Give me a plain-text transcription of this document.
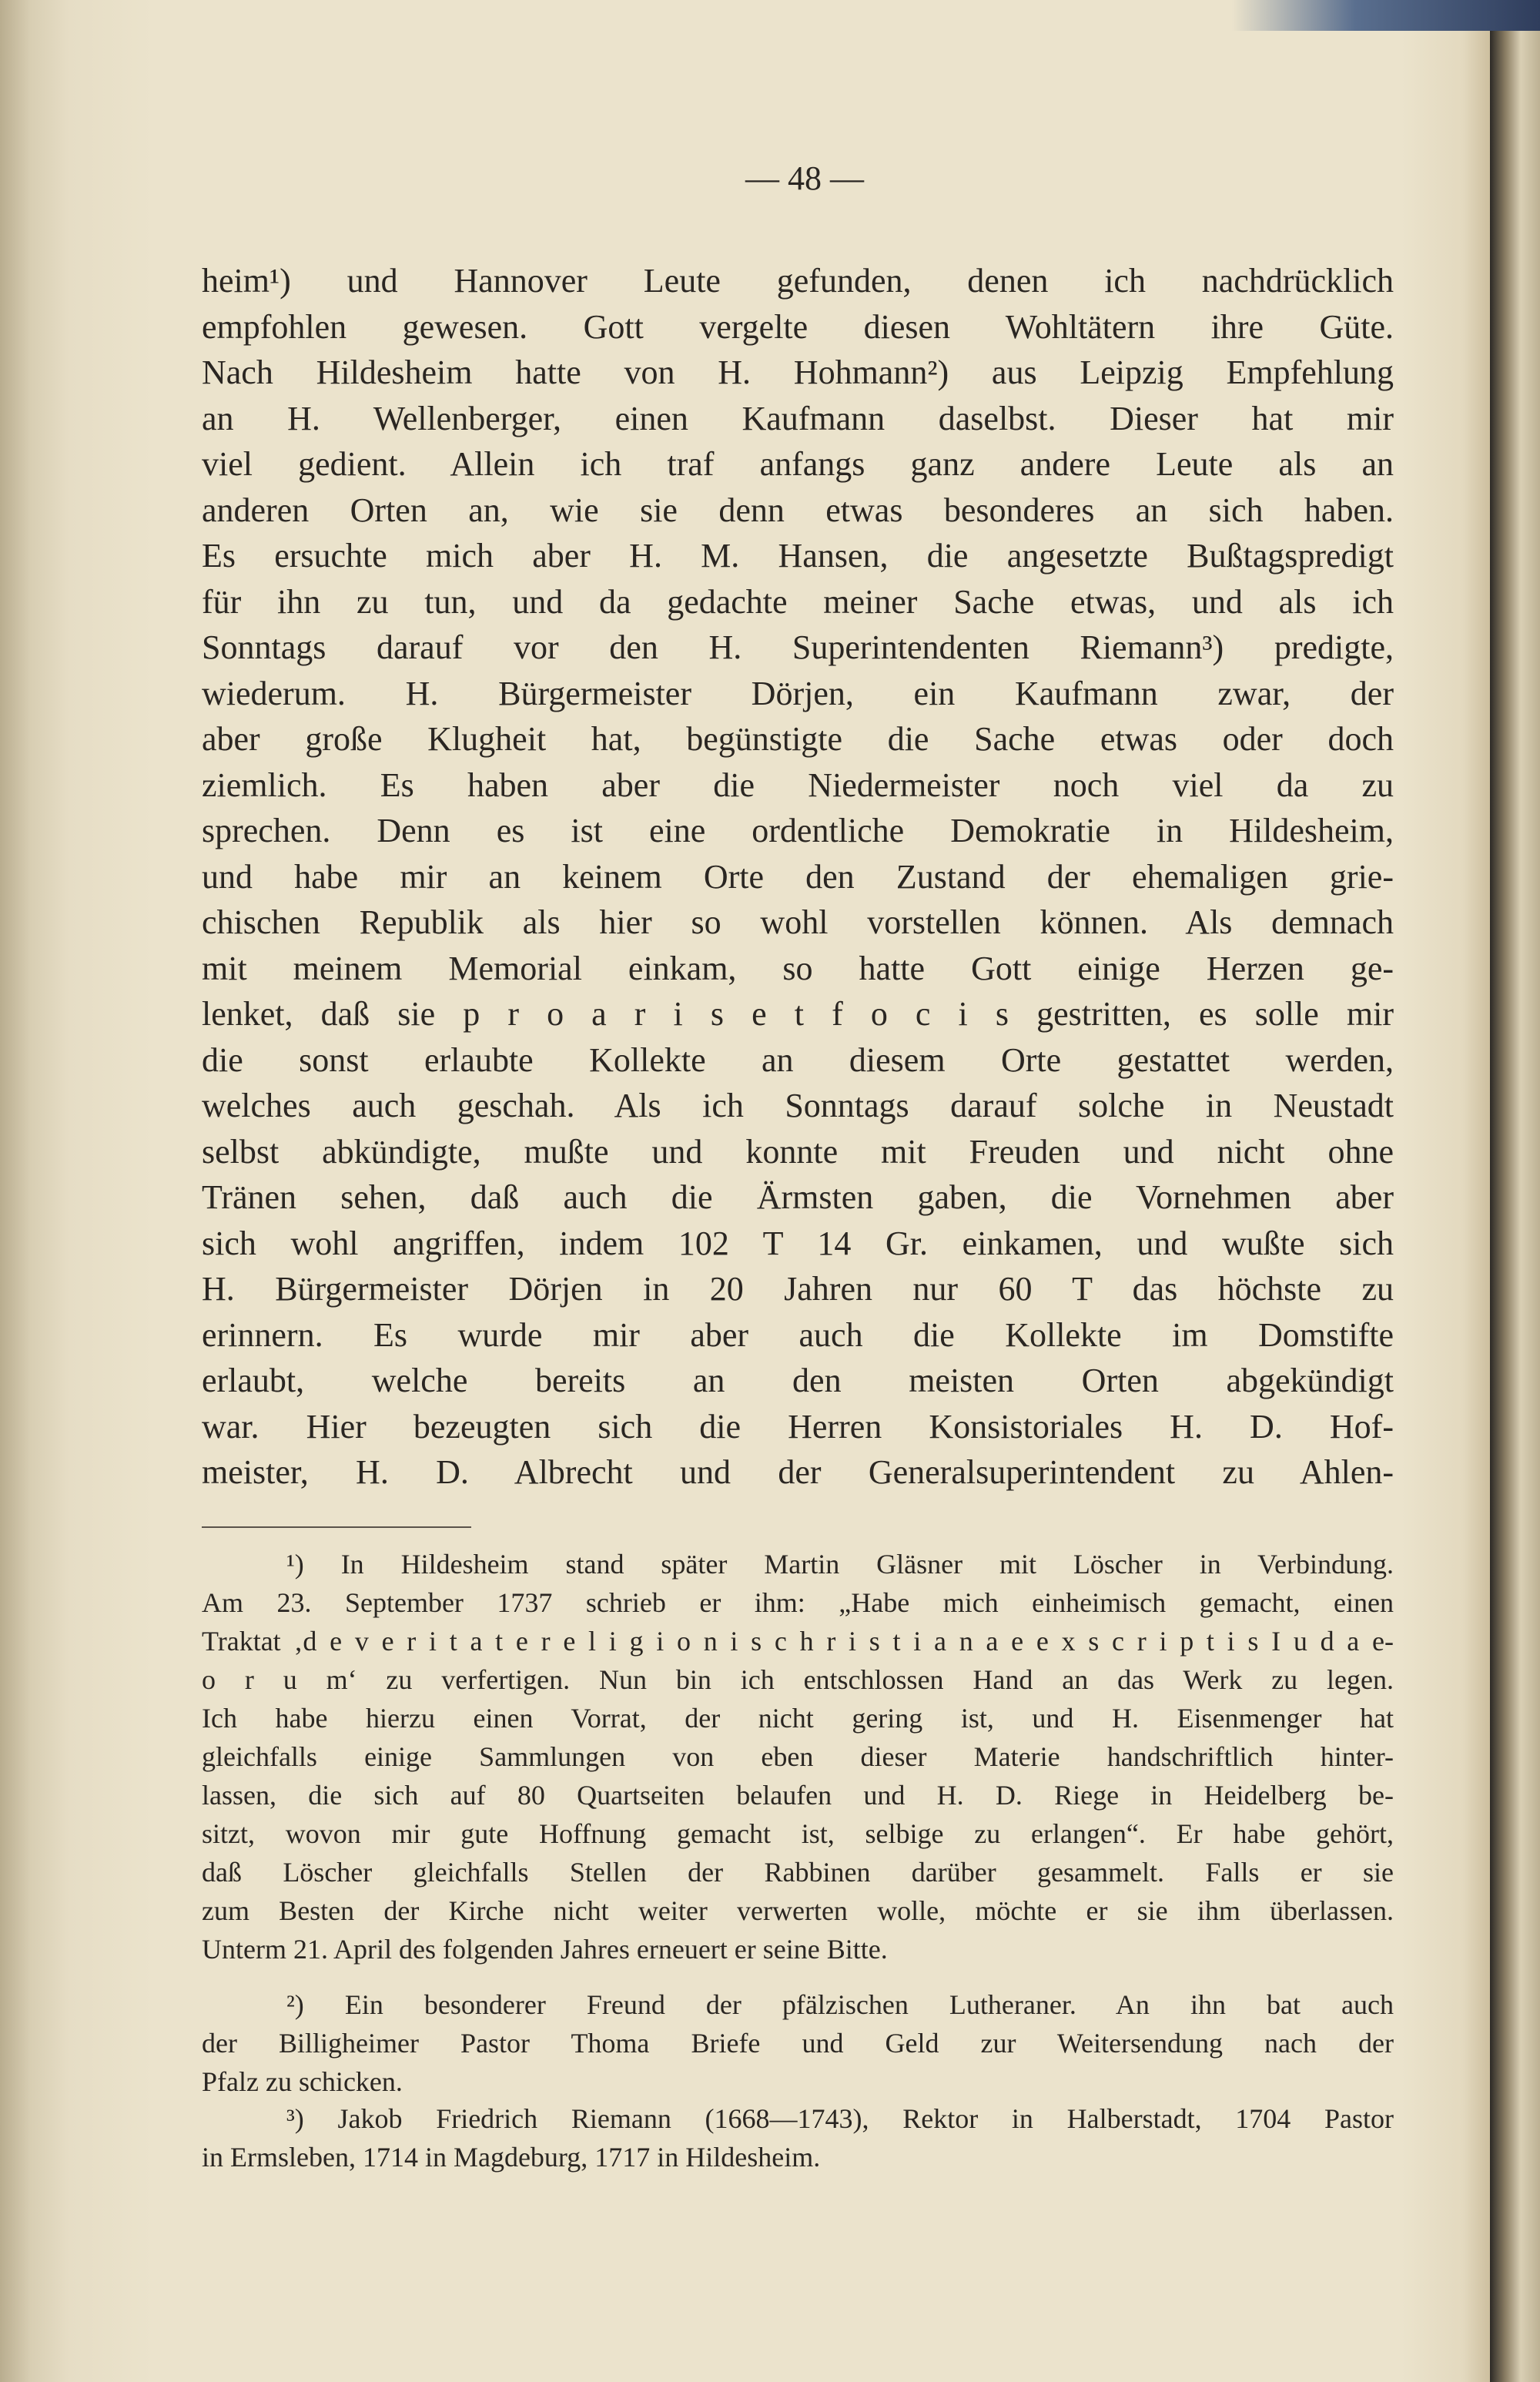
— 48 —
heim¹) und Hannover Leute gefunden, denen ich nachdrücklich
empfohlen gewesen. Gott vergelte diesen Wohltätern ihre Güte.
Nach Hildesheim hatte von H. Hohmann²) aus Leipzig Empfehlung
an H. Wellenberger, einen Kaufmann daselbst. Dieser hat mir
viel gedient. Allein ich traf anfangs ganz andere Leute als an
anderen Orten an, wie sie denn etwas besonderes an sich haben.
Es ersuchte mich aber H. M. Hansen, die angesetzte Bußtagspredigt
für ihn zu tun, und da gedachte meiner Sache etwas, und als ich
Sonntags darauf vor den H. Superintendenten Riemann³) predigte,
wiederum. H. Bürgermeister Dörjen, ein Kaufmann zwar, der
aber große Klugheit hat, begünstigte die Sache etwas oder doch
ziemlich. Es haben aber die Niedermeister noch viel da zu
sprechen. Denn es ist eine ordentliche Demokratie in Hildesheim,
und habe mir an keinem Orte den Zustand der ehemaligen grie-
chischen Republik als hier so wohl vorstellen können. Als demnach
mit meinem Memorial einkam, so hatte Gott einige Herzen ge-
lenket, daß sie p r o a r i s e t f o c i s gestritten, es solle mir
die sonst erlaubte Kollekte an diesem Orte gestattet werden,
welches auch geschah. Als ich Sonntags darauf solche in Neustadt
selbst abkündigte, mußte und konnte mit Freuden und nicht ohne
Tränen sehen, daß auch die Ärmsten gaben, die Vornehmen aber
sich wohl angriffen, indem 102 T 14 Gr. einkamen, und wußte sich
H. Bürgermeister Dörjen in 20 Jahren nur 60 T das höchste zu
erinnern. Es wurde mir aber auch die Kollekte im Domstifte
erlaubt, welche bereits an den meisten Orten abgekündigt
war. Hier bezeugten sich die Herren Konsistoriales H. D. Hof-
meister, H. D. Albrecht und der Generalsuperintendent zu Ahlen-
¹) In Hildesheim stand später Martin Gläsner mit Löscher in Verbindung.
Am 23. September 1737 schrieb er ihm: „Habe mich einheimisch gemacht, einen
Traktat ‚d e v e r i t a t e r e l i g i o n i s c h r i s t i a n a e e x s c r i p t i s I u d a e-
o r u m‘ zu verfertigen. Nun bin ich entschlossen Hand an das Werk zu legen.
Ich habe hierzu einen Vorrat, der nicht gering ist, und H. Eisenmenger hat
gleichfalls einige Sammlungen von eben dieser Materie handschriftlich hinter-
lassen, die sich auf 80 Quartseiten belaufen und H. D. Riege in Heidelberg be-
sitzt, wovon mir gute Hoffnung gemacht ist, selbige zu erlangen“. Er habe gehört,
daß Löscher gleichfalls Stellen der Rabbinen darüber gesammelt. Falls er sie
zum Besten der Kirche nicht weiter verwerten wolle, möchte er sie ihm überlassen.
Unterm 21. April des folgenden Jahres erneuert er seine Bitte.
²) Ein besonderer Freund der pfälzischen Lutheraner. An ihn bat auch
der Billigheimer Pastor Thoma Briefe und Geld zur Weitersendung nach der
Pfalz zu schicken.
³) Jakob Friedrich Riemann (1668—1743), Rektor in Halberstadt, 1704 Pastor
in Ermsleben, 1714 in Magdeburg, 1717 in Hildesheim.
